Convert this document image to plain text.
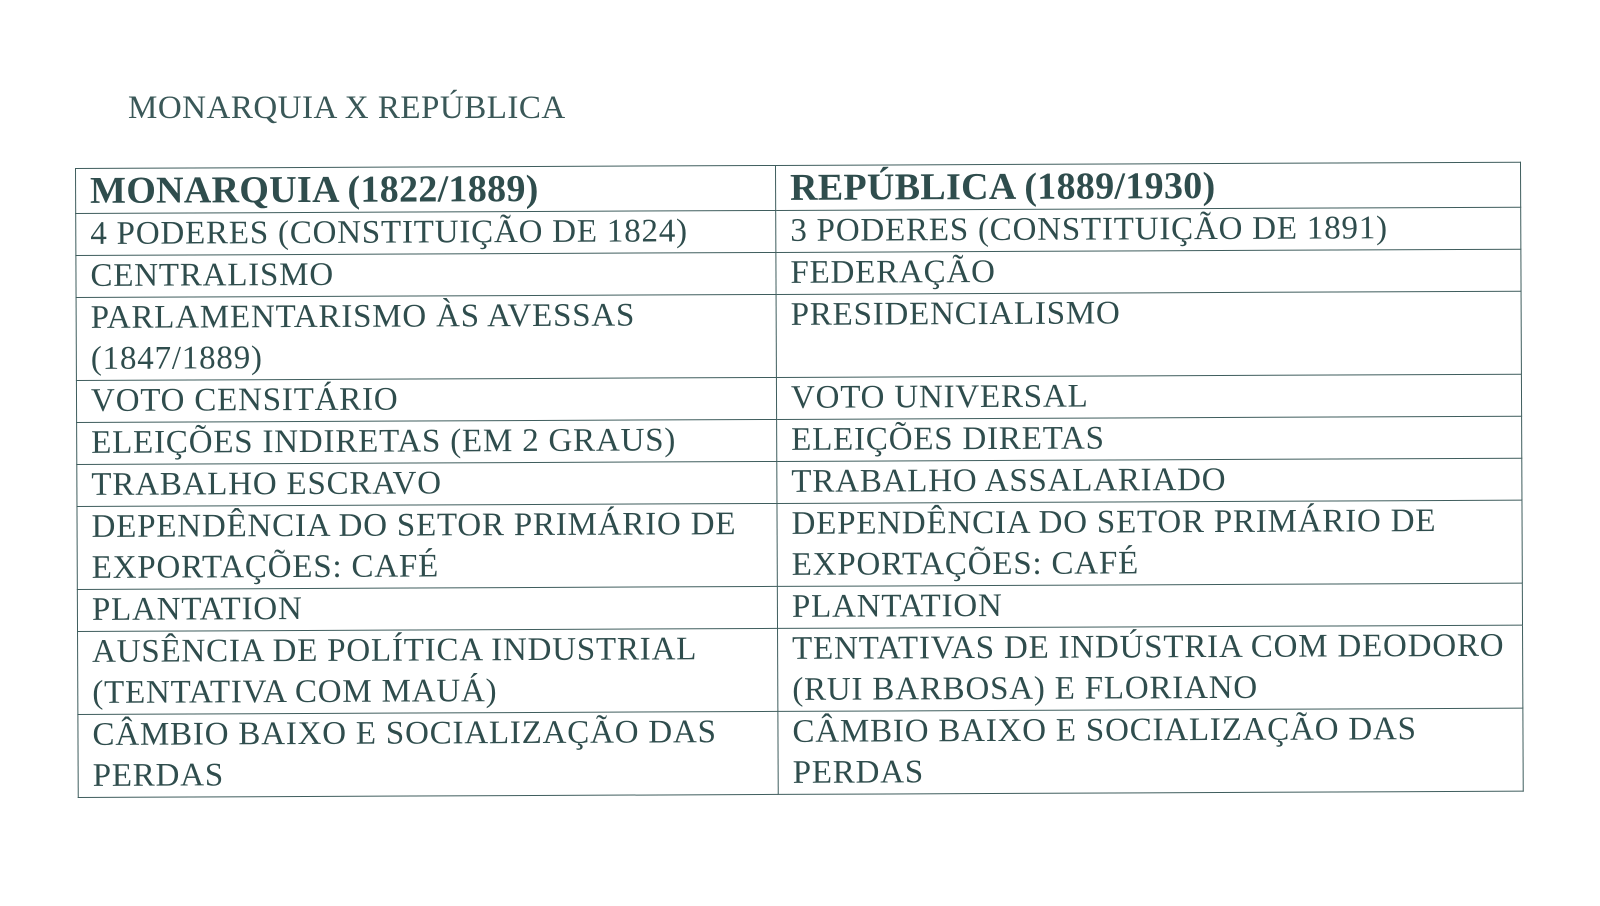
MONARQUIA X REPÚBLICA
MONARQUIA (1822/1889)	REPÚBLICA (1889/1930)
4 PODERES (CONSTITUIÇÃO DE 1824)	3 PODERES (CONSTITUIÇÃO DE 1891)
CENTRALISMO	FEDERAÇÃO
PARLAMENTARISMO ÀS AVESSAS (1847/1889)	PRESIDENCIALISMO
VOTO CENSITÁRIO	VOTO UNIVERSAL
ELEIÇÕES INDIRETAS (EM 2 GRAUS)	ELEIÇÕES DIRETAS
TRABALHO ESCRAVO	TRABALHO ASSALARIADO
DEPENDÊNCIA DO SETOR PRIMÁRIO DE EXPORTAÇÕES: CAFÉ	DEPENDÊNCIA DO SETOR PRIMÁRIO DE EXPORTAÇÕES: CAFÉ
PLANTATION	PLANTATION
AUSÊNCIA DE POLÍTICA INDUSTRIAL (TENTATIVA COM MAUÁ)	TENTATIVAS DE INDÚSTRIA COM DEODORO (RUI BARBOSA) E FLORIANO
CÂMBIO BAIXO E SOCIALIZAÇÃO DAS PERDAS	CÂMBIO BAIXO E SOCIALIZAÇÃO DAS PERDAS
